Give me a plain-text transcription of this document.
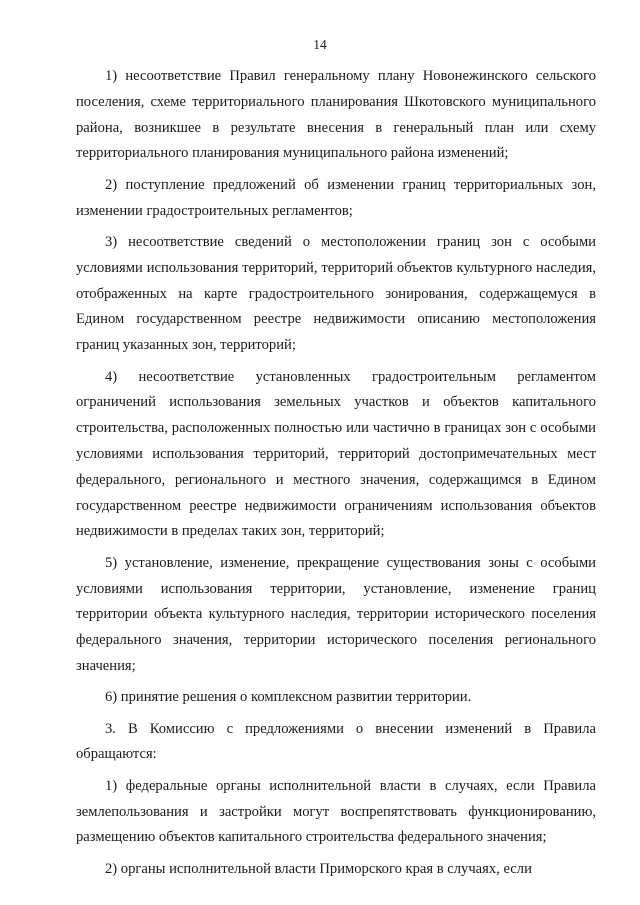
14

1) несоответствие Правил генеральному плану Новонежинского сельского поселения, схеме территориального планирования Шкотовского муниципального района, возникшее в результате внесения в генеральный план или схему территориального планирования муниципального района изменений;

2) поступление предложений об изменении границ территориальных зон, изменении градостроительных регламентов;

3) несоответствие сведений о местоположении границ зон с особыми условиями использования территорий, территорий объектов культурного наследия, отображенных на карте градостроительного зонирования, содержащемуся в Едином государственном реестре недвижимости описанию местоположения границ указанных зон, территорий;

4) несоответствие установленных градостроительным регламентом ограничений использования земельных участков и объектов капитального строительства, расположенных полностью или частично в границах зон с особыми условиями использования территорий, территорий достопримечательных мест федерального, регионального и местного значения, содержащимся в Едином государственном реестре недвижимости ограничениям использования объектов недвижимости в пределах таких зон, территорий;

5) установление, изменение, прекращение существования зоны с особыми условиями использования территории, установление, изменение границ территории объекта культурного наследия, территории исторического поселения федерального значения, территории исторического поселения регионального значения;

6) принятие решения о комплексном развитии территории.

3. В Комиссию с предложениями о внесении изменений в Правила обращаются:

1) федеральные органы исполнительной власти в случаях, если Правила землепользования и застройки могут воспрепятствовать функционированию, размещению объектов капитального строительства федерального значения;

2) органы исполнительной власти Приморского края в случаях, если
